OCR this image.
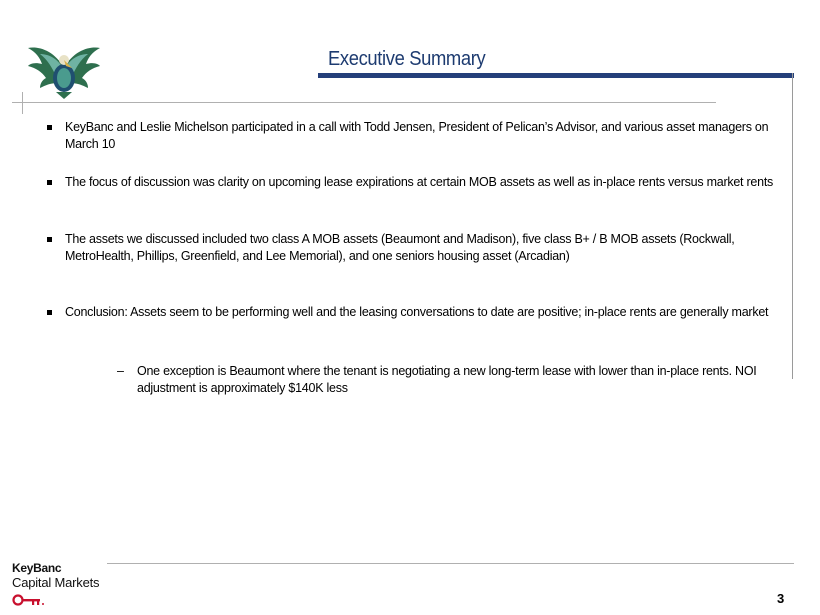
Executive Summary
KeyBanc and Leslie Michelson participated in a call with Todd Jensen, President of Pelican’s Advisor, and various asset managers on March 10
The focus of discussion was clarity on upcoming lease expirations at certain MOB assets as well as in-place rents versus market rents
The assets we discussed included two class A MOB assets (Beaumont and Madison), five class B+ / B MOB assets (Rockwall, MetroHealth, Phillips, Greenfield, and Lee Memorial), and one seniors housing asset (Arcadian)
Conclusion: Assets seem to be performing well and the leasing conversations to date are positive; in-place rents are generally market
– One exception is Beaumont where the tenant is negotiating a new long-term lease with lower than in-place rents. NOI adjustment is approximately $140K less
KeyBanc
Capital Markets
3
